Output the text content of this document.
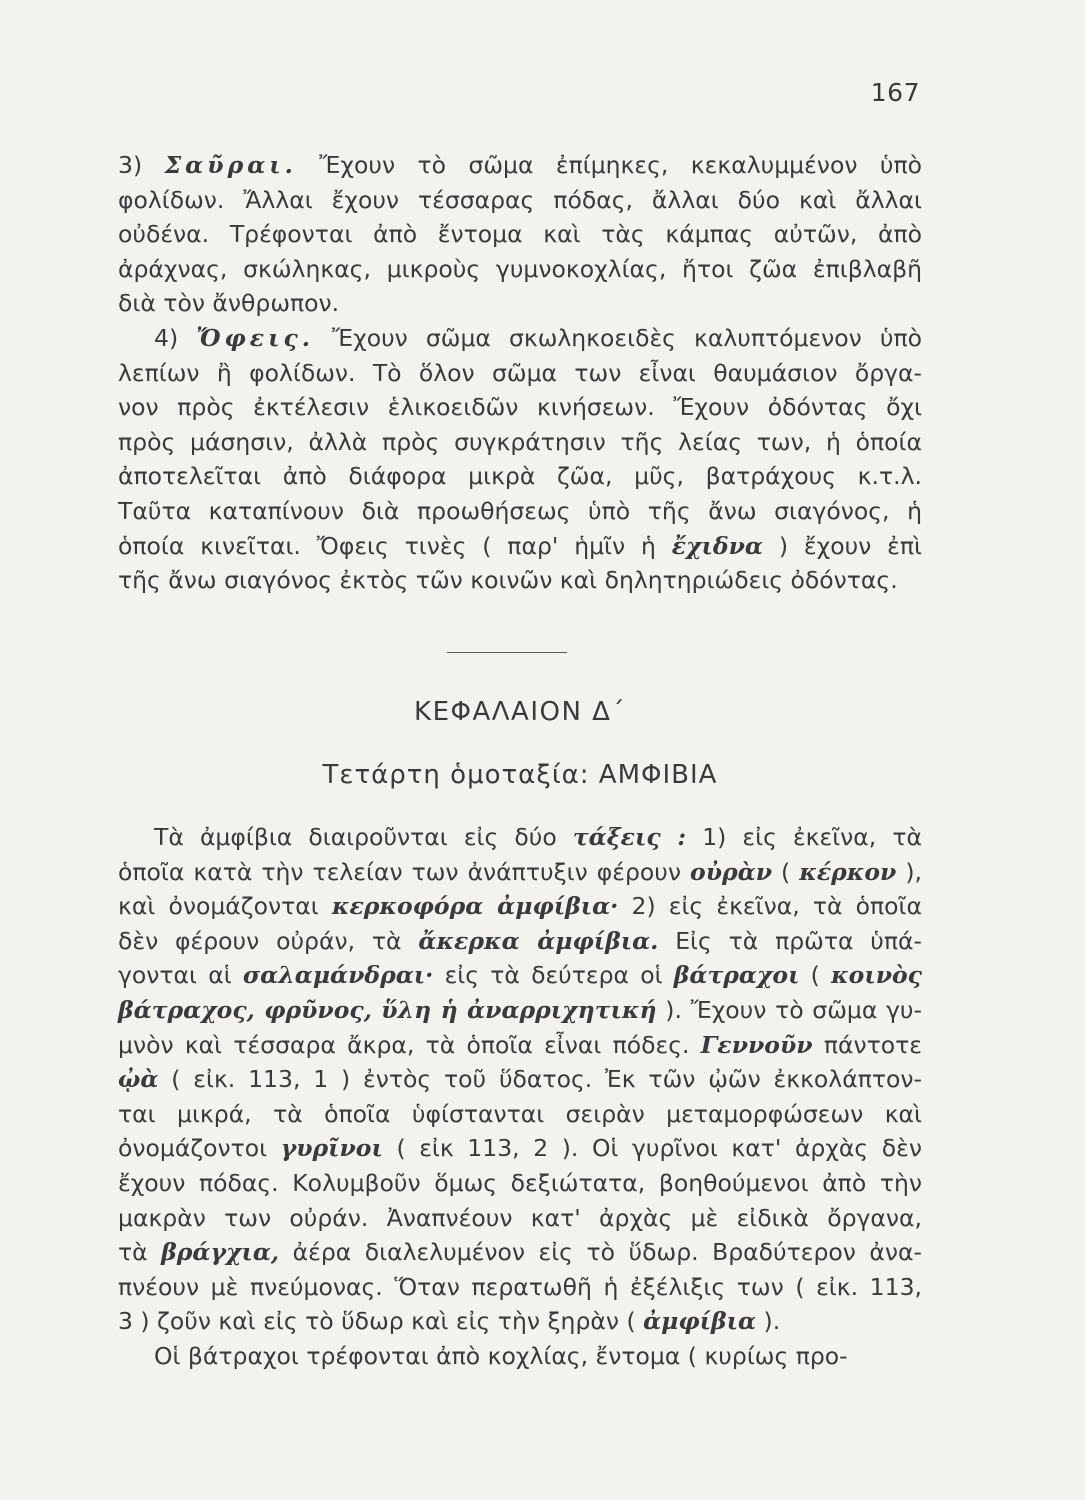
167

3) Σαῦραι. Ἔχουν τὸ σῶμα ἐπίμηκες, κεκαλυμμένον ὑπὸ

φολίδων. Ἄλλαι ἔχουν τέσσαρας πόδας, ἄλλαι δύο καὶ ἄλλαι

οὐδένα. Τρέφονται ἀπὸ ἔντομα καὶ τὰς κάμπας αὐτῶν, ἀπὸ

ἀράχνας, σκώληκας, μικροὺς γυμνοκοχλίας, ἤτοι ζῶα ἐπιβλαβῆ

διὰ τὸν ἄνθρωπον.

4) Ὄφεις. Ἔχουν σῶμα σκωληκοειδὲς καλυπτόμενον ὑπὸ

λεπίων ἢ φολίδων. Τὸ ὅλον σῶμα των εἶναι θαυμάσιον ὄργα-

νον πρὸς ἐκτέλεσιν ἑλικοειδῶν κινήσεων. Ἔχουν ὀδόντας ὄχι

πρὸς μάσησιν, ἀλλὰ πρὸς συγκράτησιν τῆς λείας των, ἡ ὁποία

ἀποτελεῖται ἀπὸ διάφορα μικρὰ ζῶα, μῦς, βατράχους κ.τ.λ.

Ταῦτα καταπίνουν διὰ προωθήσεως ὑπὸ τῆς ἄνω σιαγόνος, ἡ

ὁποία κινεῖται. Ὄφεις τινὲς ( παρ' ἡμῖν ἡ ἔχιδνα ) ἔχουν ἐπὶ

τῆς ἄνω σιαγόνος ἐκτὸς τῶν κοινῶν καὶ δηλητηριώδεις ὀδόντας.

ΚΕΦΑΛΑΙΟΝ Δ΄
Τετάρτη ὁμοταξία: ΑΜΦΙΒΙΑ

Τὰ ἀμφίβια διαιροῦνται εἰς δύο τάξεις : 1) εἰς ἐκεῖνα, τὰ

ὁποῖα κατὰ τὴν τελείαν των ἀνάπτυξιν φέρουν οὐρὰν ( κέρκον ),

καὶ ὀνομάζονται κερκοφόρα ἀμφίβια· 2) εἰς ἐκεῖνα, τὰ ὁποῖα

δὲν φέρουν οὐράν, τὰ ἄκερκα ἀμφίβια. Εἰς τὰ πρῶτα ὑπά-

γονται αἱ σαλαμάνδραι· εἰς τὰ δεύτερα οἱ βάτραχοι ( κοινὸς

βάτραχος, φρῦνος, ὕλη ἡ ἀναρριχητική ). Ἔχουν τὸ σῶμα γυ-

μνὸν καὶ τέσσαρα ἄκρα, τὰ ὁποῖα εἶναι πόδες. Γεννοῦν πάντοτε

ᾠὰ ( εἰκ. 113, 1 ) ἐντὸς τοῦ ὕδατος. Ἐκ τῶν ᾠῶν ἐκκολάπτον-

ται μικρά, τὰ ὁποῖα ὑφίστανται σειρὰν μεταμορφώσεων καὶ

ὀνομάζοντοι γυρῖνοι ( εἰκ 113, 2 ). Οἱ γυρῖνοι κατ' ἀρχὰς δὲν

ἔχουν πόδας. Κολυμβοῦν ὅμως δεξιώτατα, βοηθούμενοι ἀπὸ τὴν

μακρὰν των οὐράν. Ἀναπνέουν κατ' ἀρχὰς μὲ εἰδικὰ ὄργανα,

τὰ βράγχια, ἀέρα διαλελυμένον εἰς τὸ ὕδωρ. Βραδύτερον ἀνα-

πνέουν μὲ πνεύμονας. Ὅταν περατωθῆ ἡ ἐξέλιξις των ( εἰκ. 113,

3 ) ζοῦν καὶ εἰς τὸ ὕδωρ καὶ εἰς τὴν ξηρὰν ( ἀμφίβια ).

Οἱ βάτραχοι τρέφονται ἀπὸ κοχλίας, ἔντομα ( κυρίως προ-
